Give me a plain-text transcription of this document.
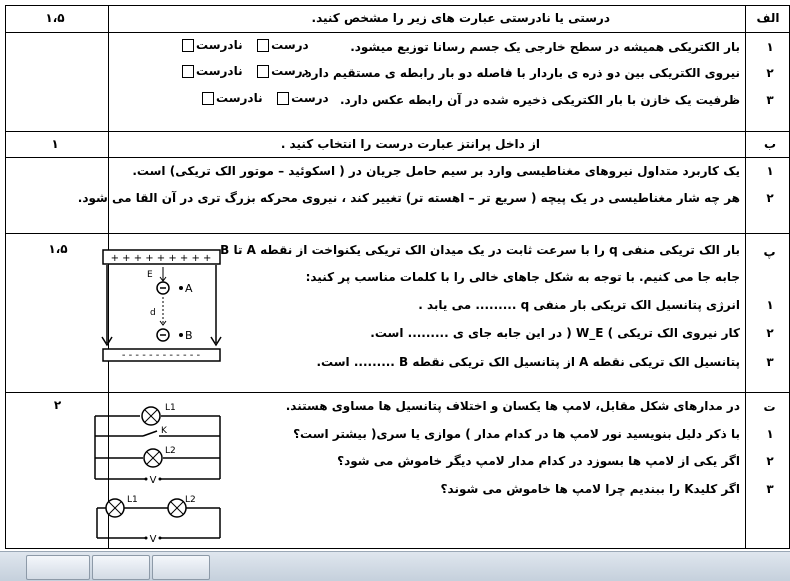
الف
۱،۵	درستی یا نادرستی عبارت های زیر را مشخص کنید.
۱
بار الکتریکی همیشه در سطح خارجی یک جسم رسانا توزیع میشود.
درست   نادرست
۲
نیروی الکتریکی بین دو ذره ی باردار با فاصله دو بار رابطه ی مستقیم دارد.
درست   نادرست
۳
ظرفیت یک خازن با بار الکتریکی ذخیره شده در آن رابطه عکس دارد.
درست   نادرست
ب
۱	از داخل پرانتز عبارت درست را انتخاب کنید .
۱
یک کاربرد متداول نیروهای مغناطیسی وارد بر سیم حامل جریان در ( اسکوئید – موتور الک تریکی) است.
۲
هر چه شار مغناطیسی در یک پیچه ( سریع تر – اهسته تر) تغییر کند ، نیروی محرکه بزرگ تری در آن القا می شود.
پ
۱،۵	بار الک تریکی منفی q را با سرعت ثابت در یک میدان الک تریکی یکنواخت از نقطه A تا B
جابه جا می کنیم. با توجه به شکل جاهای خالی را با کلمات مناسب پر کنید:
۱
انرژی پتانسیل الک تریکی بار منفی q ......... می یابد .
۲
کار نیروی الک تریکی ) W_E ( در این جابه جای ی ......... است.
۳
پتانسیل الک تریکی نقطه A از پتانسیل الک تریکی نقطه B ......... است.
+ + + + + + + + +
- - - - - - - - - - - -
E
A
d
B
ت
۲	در مدارهای شکل مقابل، لامپ ها یکسان و اختلاف پتانسیل ها مساوی هستند.
۱
با ذکر دلیل بنویسید نور لامپ ها در کدام مدار ) موازی یا سری( بیشتر است؟
۲
اگر یکی از لامپ ها بسوزد در کدام مدار لامپ دیگر خاموش می شود؟
۳
اگر کلیدK را ببندیم چرا لامپ ها خاموش می شوند؟
L1
K
L2
V
L1	L2
V
